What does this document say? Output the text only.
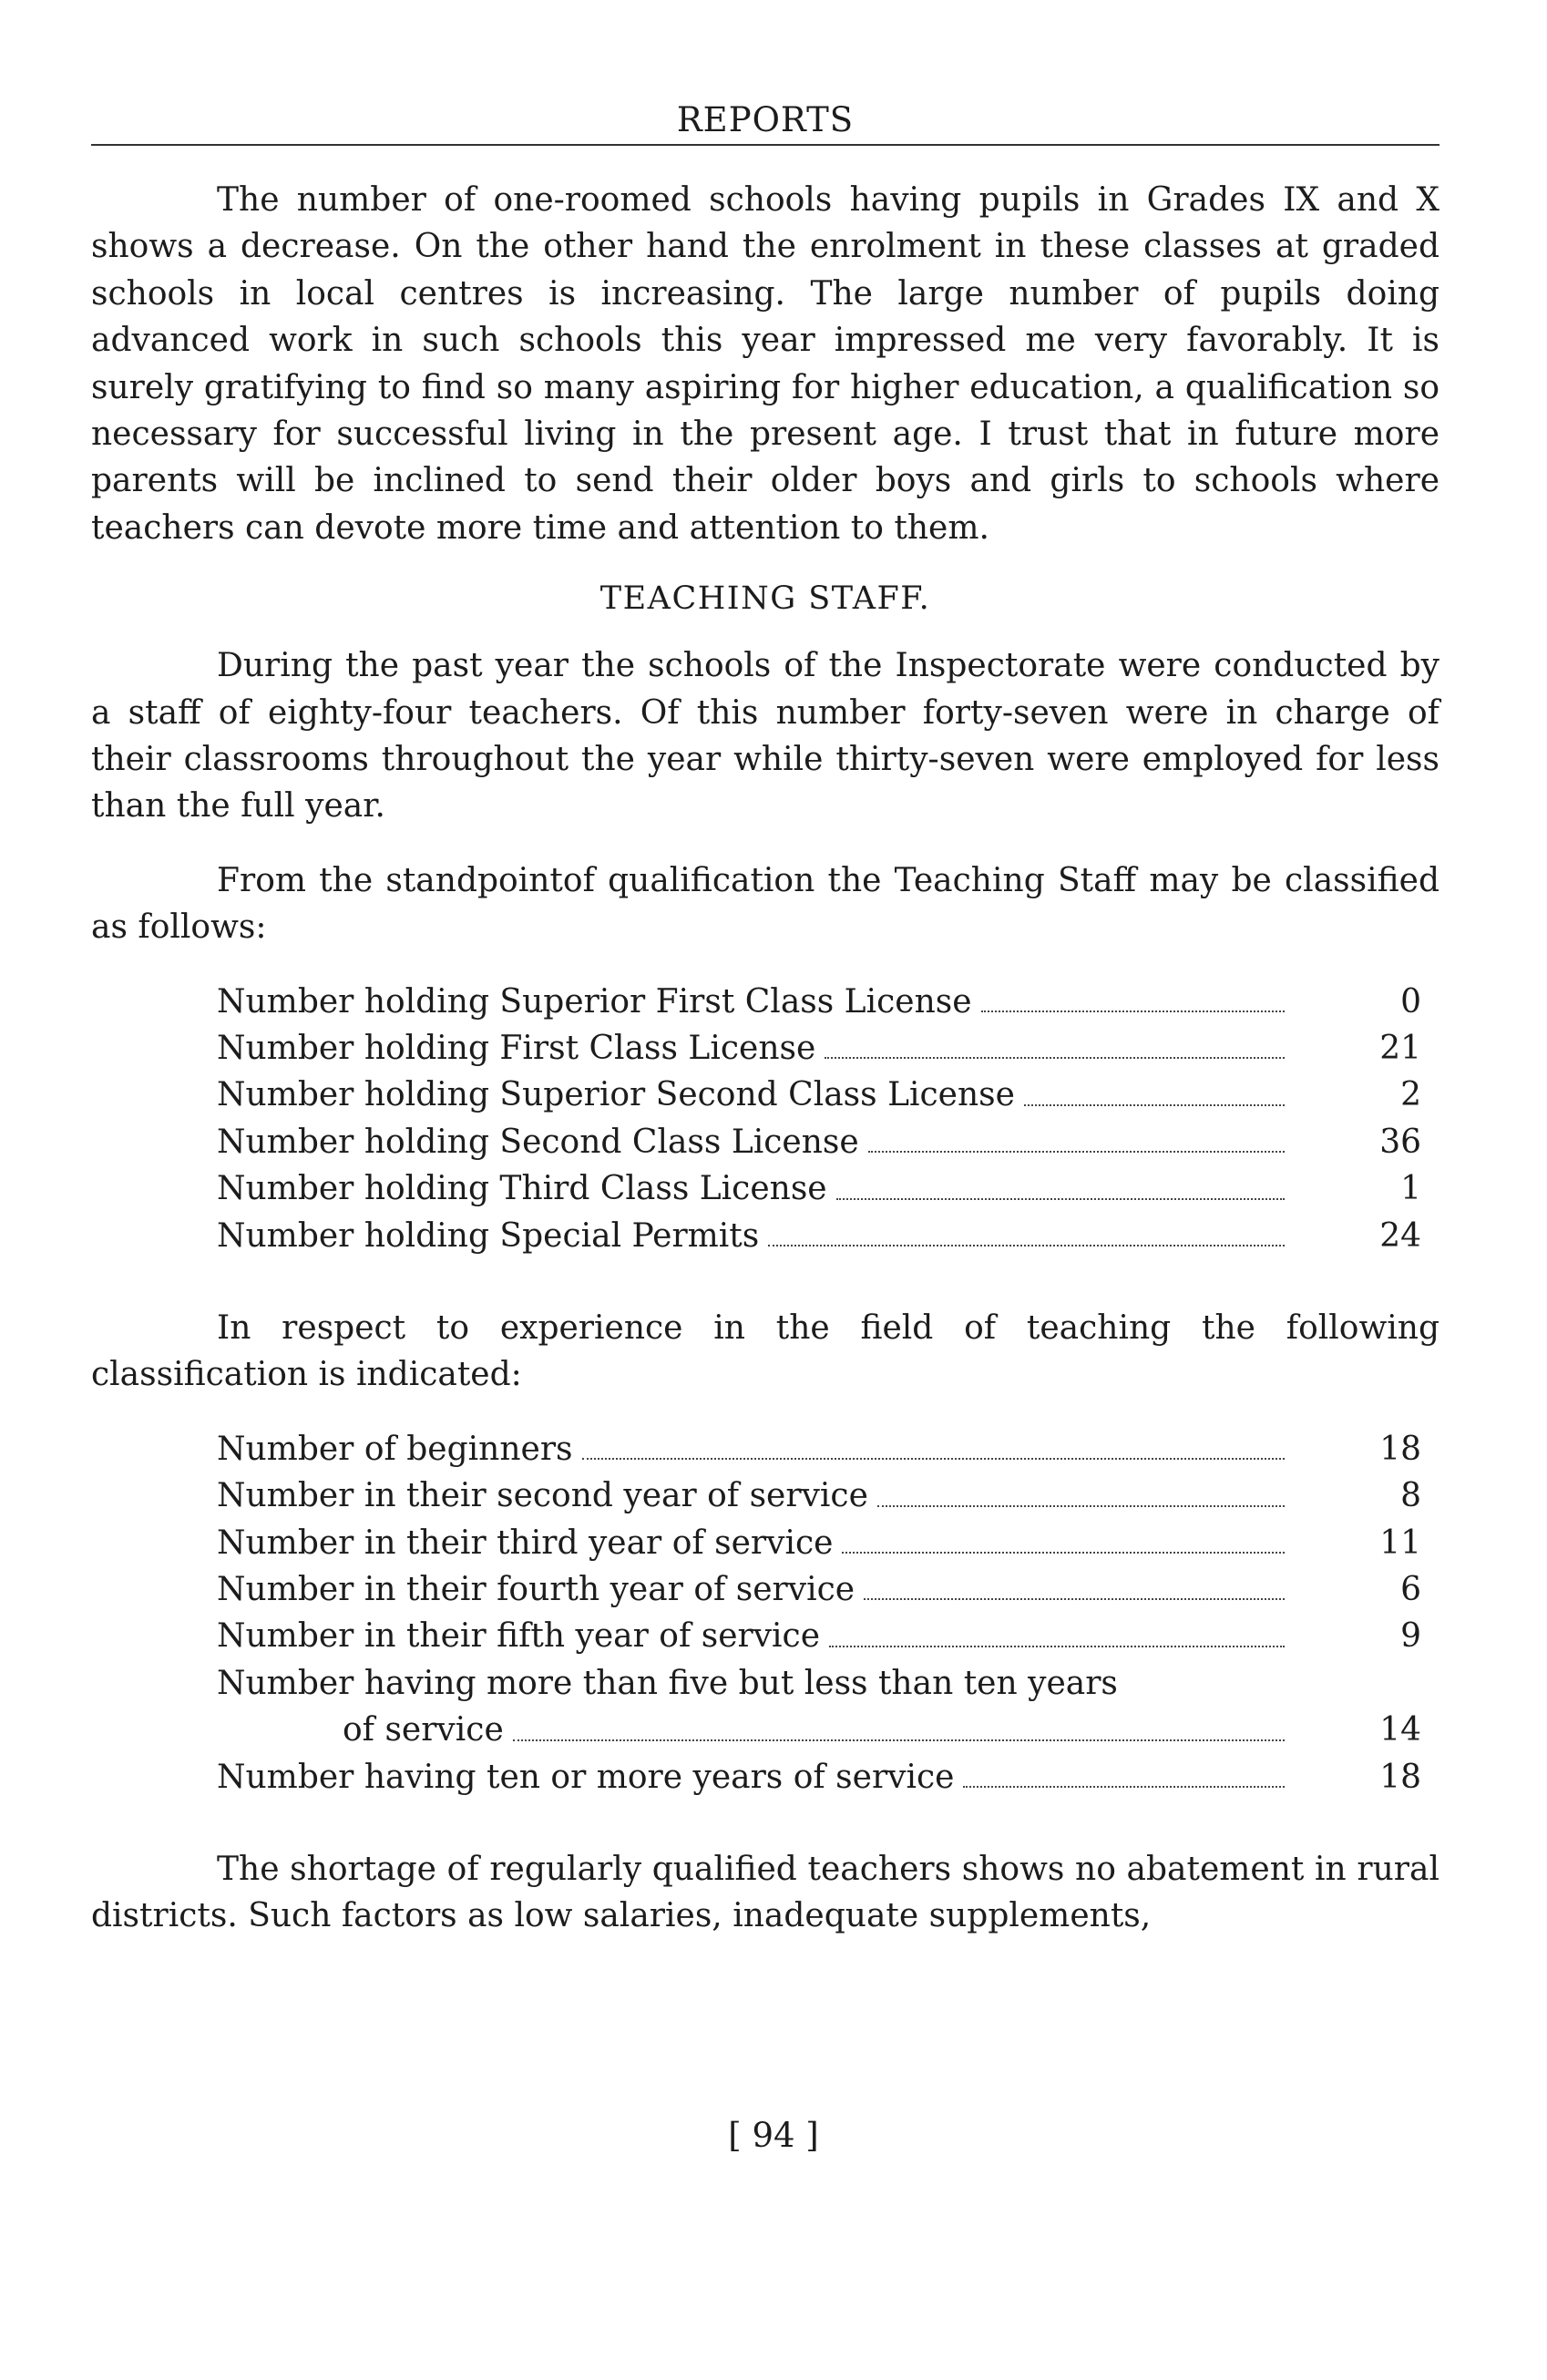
REPORTS

The number of one-roomed schools having pupils in Grades IX and X shows a decrease. On the other hand the enrolment in these classes at graded schools in local centres is increasing. The large number of pupils doing advanced work in such schools this year impressed me very favorably. It is surely gratifying to find so many aspiring for higher education, a qualification so necessary for successful living in the present age. I trust that in future more parents will be inclined to send their older boys and girls to schools where teachers can devote more time and attention to them.

TEACHING STAFF.

During the past year the schools of the Inspectorate were conducted by a staff of eighty-four teachers. Of this number forty-seven were in charge of their classrooms throughout the year while thirty-seven were employed for less than the full year.

From the standpointof qualification the Teaching Staff may be classified as follows:

Number holding Superior First Class License	0
Number holding First Class License	21
Number holding Superior Second Class License	2
Number holding Second Class License	36
Number holding Third Class License	1
Number holding Special Permits	24

In respect to experience in the field of teaching the following classification is indicated:

Number of beginners	18
Number in their second year of service	8
Number in their third year of service	11
Number in their fourth year of service	6
Number in their fifth year of service	9
Number having more than five but less than ten years
of service	14
Number having ten or more years of service	18

The shortage of regularly qualified teachers shows no abatement in rural districts. Such factors as low salaries, inadequate supplements,

[ 94 ]
